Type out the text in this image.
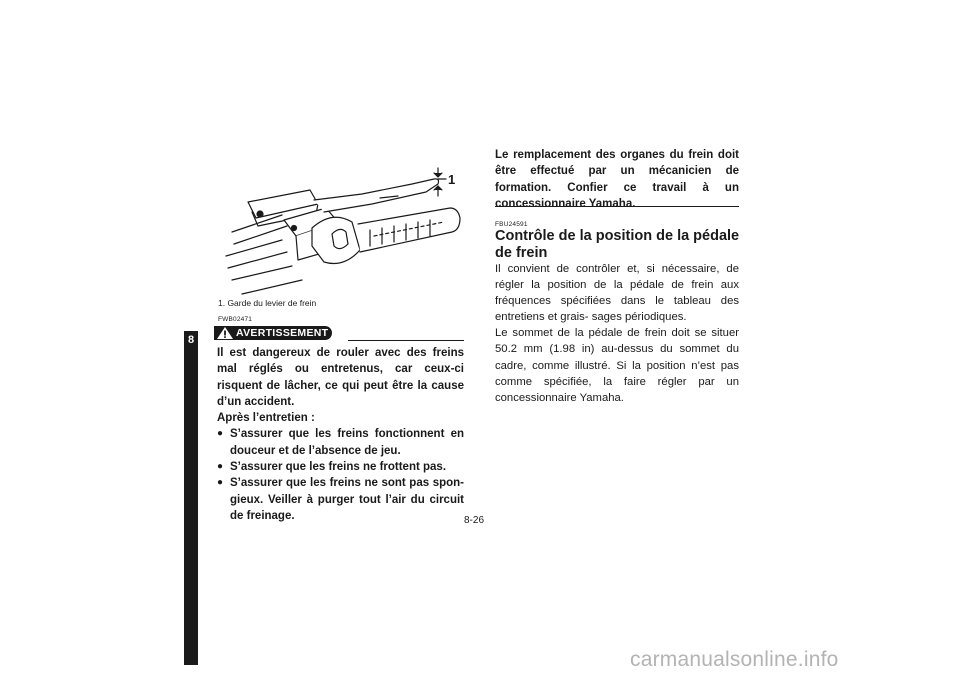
8
1
1. Garde du levier de frein
FWB02471
AVERTISSEMENT

Il est dangereux de rouler avec des freins mal réglés ou entretenus, car ceux-ci risquent de lâcher, ce qui peut être la cause d’un accident.

Après l’entretien :

● S’assurer que les freins fonctionnent en douceur et de l’absence de jeu.

● S’assurer que les freins ne frottent pas.

● S’assurer que les freins ne sont pas spon- gieux. Veiller à purger tout l’air du circuit de freinage.

Le remplacement des organes du frein doit être effectué par un mécanicien de formation. Confier ce travail à un concessionnaire Yamaha.
FBU24591
Contrôle de la position de la pédale de frein

Il convient de contrôler et, si nécessaire, de régler la position de la pédale de frein aux fréquences spécifiées dans le tableau des entretiens et grais- sages périodiques.

Le sommet de la pédale de frein doit se situer 50.2 mm (1.98 in) au-dessus du sommet du cadre, comme illustré. Si la position n’est pas comme spécifiée, la faire régler par un concessionnaire Yamaha.

8-26
carmanualsonline.info
